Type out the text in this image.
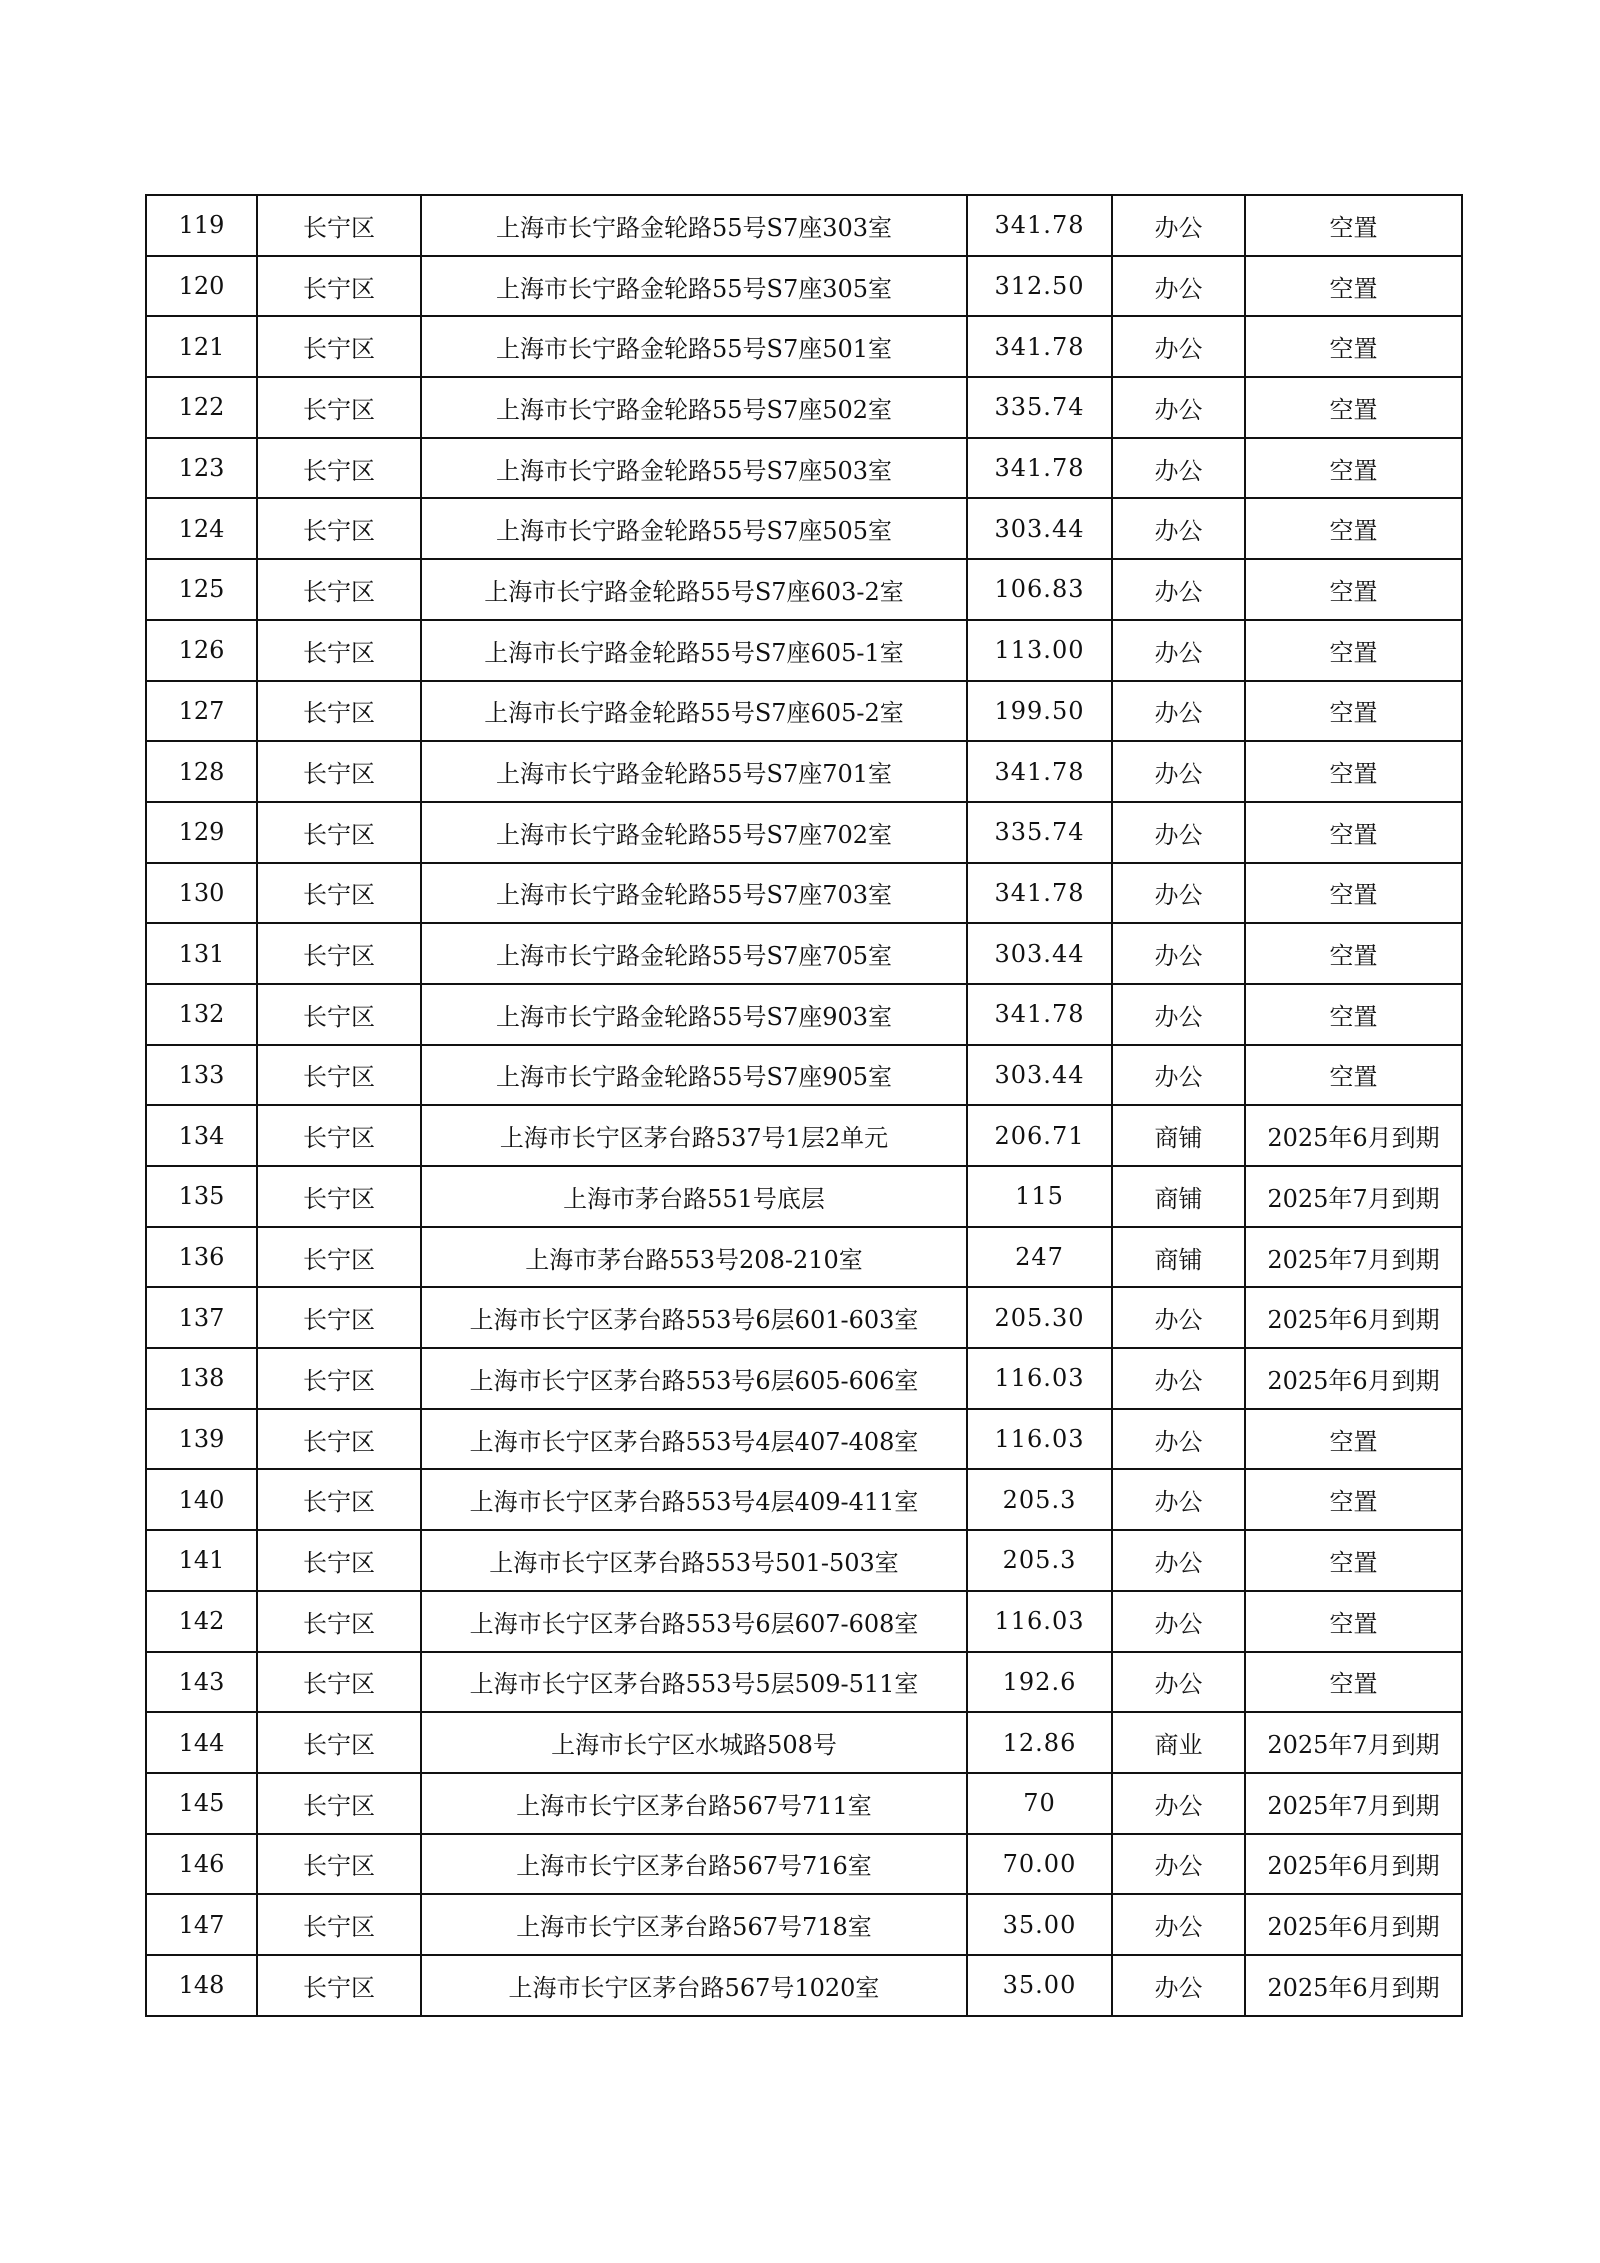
119	长宁区	上海市长宁路金轮路55号S7座303室	341.78	办公	空置
120	长宁区	上海市长宁路金轮路55号S7座305室	312.50	办公	空置
121	长宁区	上海市长宁路金轮路55号S7座501室	341.78	办公	空置
122	长宁区	上海市长宁路金轮路55号S7座502室	335.74	办公	空置
123	长宁区	上海市长宁路金轮路55号S7座503室	341.78	办公	空置
124	长宁区	上海市长宁路金轮路55号S7座505室	303.44	办公	空置
125	长宁区	上海市长宁路金轮路55号S7座603-2室	106.83	办公	空置
126	长宁区	上海市长宁路金轮路55号S7座605-1室	113.00	办公	空置
127	长宁区	上海市长宁路金轮路55号S7座605-2室	199.50	办公	空置
128	长宁区	上海市长宁路金轮路55号S7座701室	341.78	办公	空置
129	长宁区	上海市长宁路金轮路55号S7座702室	335.74	办公	空置
130	长宁区	上海市长宁路金轮路55号S7座703室	341.78	办公	空置
131	长宁区	上海市长宁路金轮路55号S7座705室	303.44	办公	空置
132	长宁区	上海市长宁路金轮路55号S7座903室	341.78	办公	空置
133	长宁区	上海市长宁路金轮路55号S7座905室	303.44	办公	空置
134	长宁区	上海市长宁区茅台路537号1层2单元	206.71	商铺	2025年6月到期
135	长宁区	上海市茅台路551号底层	115	商铺	2025年7月到期
136	长宁区	上海市茅台路553号208-210室	247	商铺	2025年7月到期
137	长宁区	上海市长宁区茅台路553号6层601-603室	205.30	办公	2025年6月到期
138	长宁区	上海市长宁区茅台路553号6层605-606室	116.03	办公	2025年6月到期
139	长宁区	上海市长宁区茅台路553号4层407-408室	116.03	办公	空置
140	长宁区	上海市长宁区茅台路553号4层409-411室	205.3	办公	空置
141	长宁区	上海市长宁区茅台路553号501-503室	205.3	办公	空置
142	长宁区	上海市长宁区茅台路553号6层607-608室	116.03	办公	空置
143	长宁区	上海市长宁区茅台路553号5层509-511室	192.6	办公	空置
144	长宁区	上海市长宁区水城路508号	12.86	商业	2025年7月到期
145	长宁区	上海市长宁区茅台路567号711室	70	办公	2025年7月到期
146	长宁区	上海市长宁区茅台路567号716室	70.00	办公	2025年6月到期
147	长宁区	上海市长宁区茅台路567号718室	35.00	办公	2025年6月到期
148	长宁区	上海市长宁区茅台路567号1020室	35.00	办公	2025年6月到期
